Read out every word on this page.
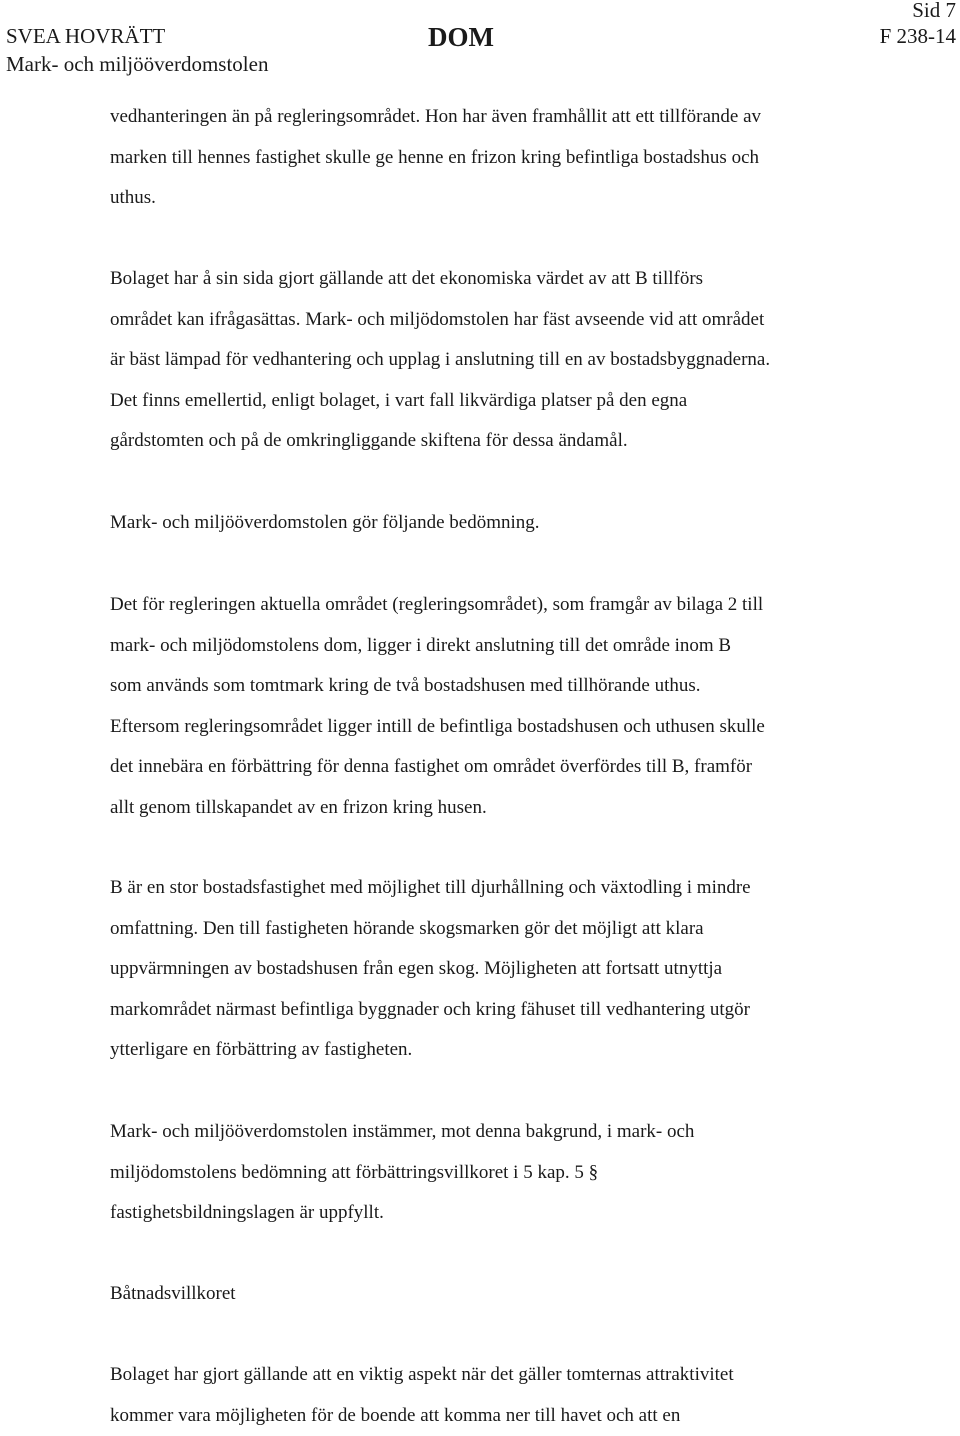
SVEA HOVRÄTT
Mark- och miljööverdomstolen
DOM
Sid 7
F 238-14
vedhanteringen än på regleringsområdet. Hon har även framhållit att ett tillförande av
marken till hennes fastighet skulle ge henne en frizon kring befintliga bostadshus och
uthus.
Bolaget har å sin sida gjort gällande att det ekonomiska värdet av att B tillförs
området kan ifrågasättas. Mark- och miljödomstolen har fäst avseende vid att området
är bäst lämpad för vedhantering och upplag i anslutning till en av bostadsbyggnaderna.
Det finns emellertid, enligt bolaget, i vart fall likvärdiga platser på den egna
gårdstomten och på de omkringliggande skiftena för dessa ändamål.
Mark- och miljööverdomstolen gör följande bedömning.
Det för regleringen aktuella området (regleringsområdet), som framgår av bilaga 2 till
mark- och miljödomstolens dom, ligger i direkt anslutning till det område inom B
som används som tomtmark kring de två bostadshusen med tillhörande uthus.
Eftersom regleringsområdet ligger intill de befintliga bostadshusen och uthusen skulle
det innebära en förbättring för denna fastighet om området överfördes till B, framför
allt genom tillskapandet av en frizon kring husen.
B är en stor bostadsfastighet med möjlighet till djurhållning och växtodling i mindre
omfattning. Den till fastigheten hörande skogsmarken gör det möjligt att klara
uppvärmningen av bostadshusen från egen skog. Möjligheten att fortsatt utnyttja
markområdet närmast befintliga byggnader och kring fähuset till vedhantering utgör
ytterligare en förbättring av fastigheten.
Mark- och miljööverdomstolen instämmer, mot denna bakgrund, i mark- och
miljödomstolens bedömning att förbättringsvillkoret i 5 kap. 5 §
fastighetsbildningslagen är uppfyllt.
Båtnadsvillkoret
Bolaget har gjort gällande att en viktig aspekt när det gäller tomternas attraktivitet
kommer vara möjligheten för de boende att komma ner till havet och att en
